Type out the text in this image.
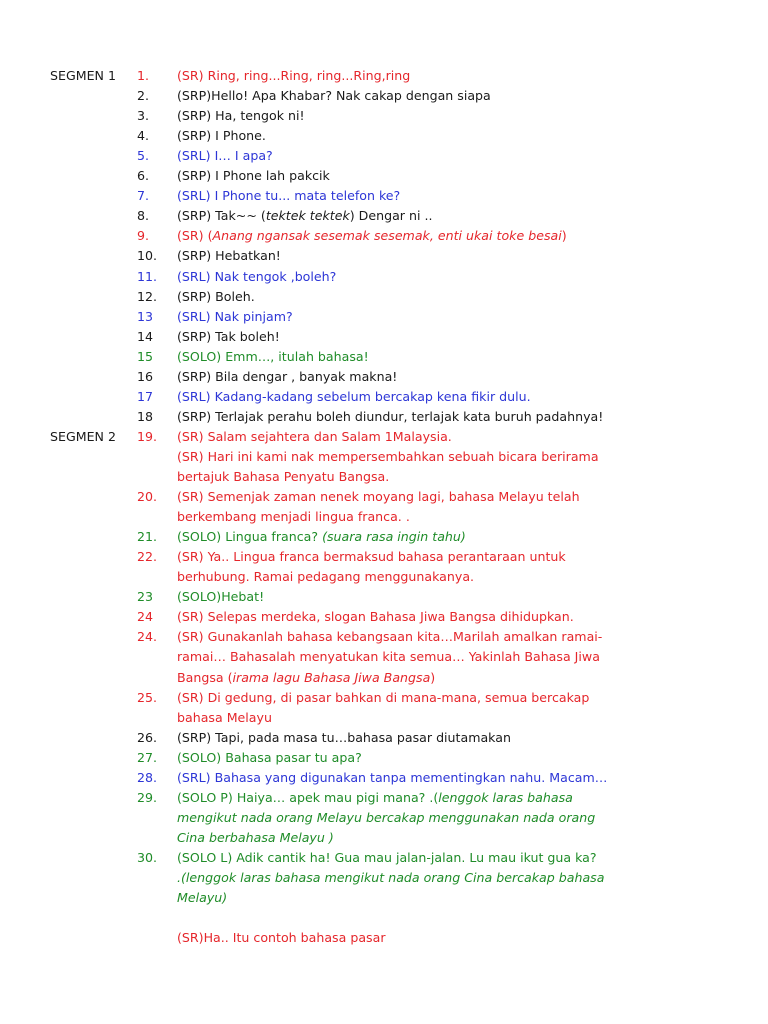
SEGMEN 1 1. (SR) Ring, ring...Ring, ring...Ring,ring
2. (SRP)Hello! Apa Khabar? Nak cakap dengan siapa
3. (SRP) Ha, tengok ni!
4. (SRP) I Phone.
5. (SRL) I… I apa?
6. (SRP) I Phone lah pakcik
7. (SRL) I Phone tu... mata telefon ke?
8. (SRP) Tak~~ (tektek tektek) Dengar ni ..
9. (SR) (Anang ngansak sesemak sesemak, enti ukai toke besai)
10. (SRP) Hebatkan!
11. (SRL) Nak tengok ,boleh?
12. (SRP) Boleh.
13 (SRL) Nak pinjam?
14 (SRP) Tak boleh!
15 (SOLO) Emm…, itulah bahasa!
16 (SRP) Bila dengar , banyak makna!
17 (SRL) Kadang-kadang sebelum bercakap kena fikir dulu.
18 (SRP) Terlajak perahu boleh diundur, terlajak kata buruh padahnya!
SEGMEN 2 19. (SR) Salam sejahtera dan Salam 1Malaysia.
(SR) Hari ini kami nak mempersembahkan sebuah bicara berirama
bertajuk Bahasa Penyatu Bangsa.
20. (SR) Semenjak zaman nenek moyang lagi, bahasa Melayu telah
berkembang menjadi lingua franca. .
21. (SOLO) Lingua franca? (suara rasa ingin tahu)
22. (SR) Ya.. Lingua franca bermaksud bahasa perantaraan untuk
berhubung. Ramai pedagang menggunakanya.
23 (SOLO)Hebat!
24 (SR) Selepas merdeka, slogan Bahasa Jiwa Bangsa dihidupkan.
24. (SR) Gunakanlah bahasa kebangsaan kita…Marilah amalkan ramai-
ramai… Bahasalah menyatukan kita semua… Yakinlah Bahasa Jiwa
Bangsa (irama lagu Bahasa Jiwa Bangsa)
25. (SR) Di gedung, di pasar bahkan di mana-mana, semua bercakap
bahasa Melayu
26. (SRP) Tapi, pada masa tu…bahasa pasar diutamakan
27. (SOLO) Bahasa pasar tu apa?
28. (SRL) Bahasa yang digunakan tanpa mementingkan nahu. Macam…
29. (SOLO P) Haiya… apek mau pigi mana? .(lenggok laras bahasa
mengikut nada orang Melayu bercakap menggunakan nada orang
Cina berbahasa Melayu )
30. (SOLO L) Adik cantik ha! Gua mau jalan-jalan. Lu mau ikut gua ka?
.(lenggok laras bahasa mengikut nada orang Cina bercakap bahasa
Melayu)
(SR)Ha.. Itu contoh bahasa pasar
